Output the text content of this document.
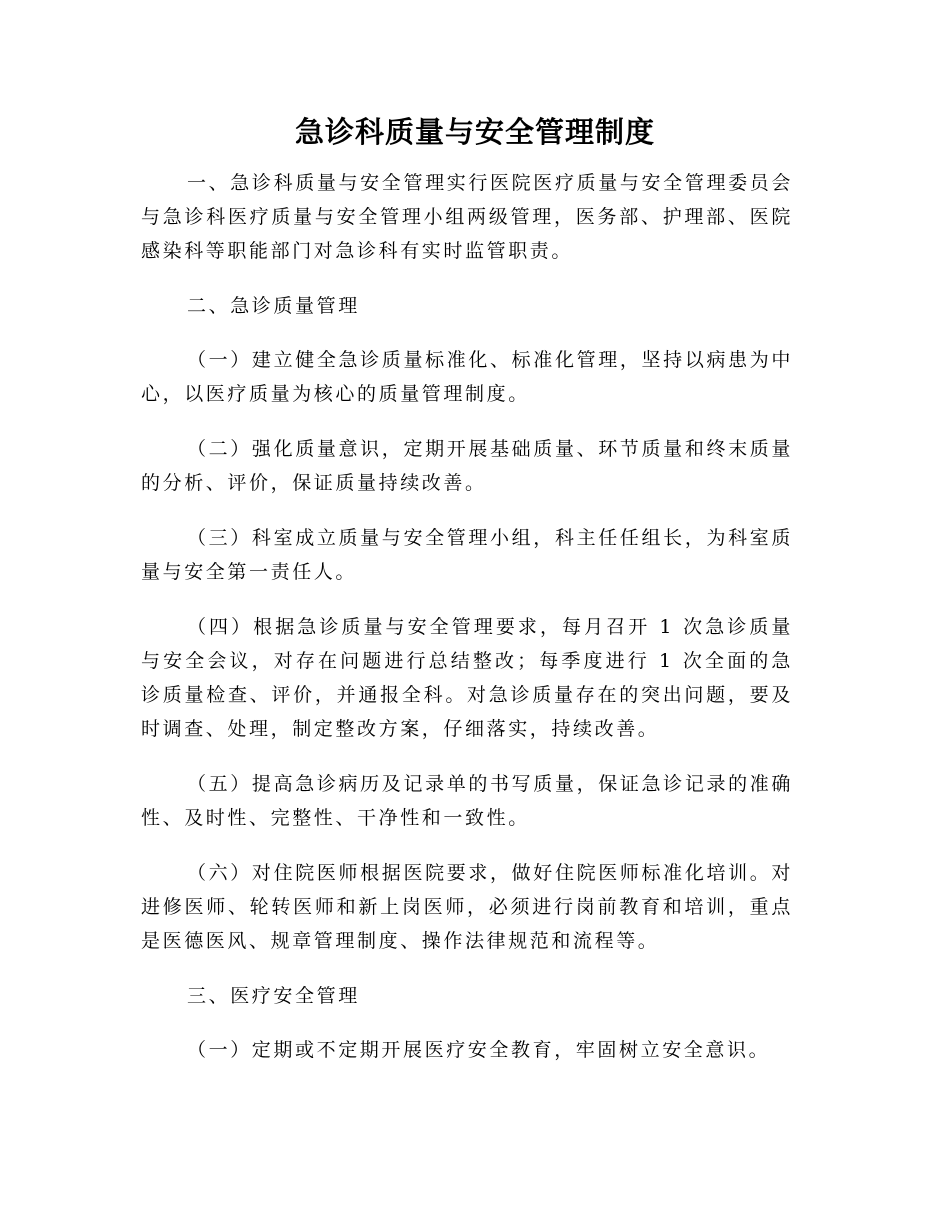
急诊科质量与安全管理制度

一、急诊科质量与安全管理实行医院医疗质量与安全管理委员会与急诊科医疗质量与安全管理小组两级管理，医务部、护理部、医院感染科等职能部门对急诊科有实时监管职责。

二、急诊质量管理

（一）建立健全急诊质量标准化、标准化管理，坚持以病患为中心，以医疗质量为核心的质量管理制度。

（二）强化质量意识，定期开展基础质量、环节质量和终末质量的分析、评价，保证质量持续改善。

（三）科室成立质量与安全管理小组，科主任任组长，为科室质量与安全第一责任人。

（四）根据急诊质量与安全管理要求，每月召开 1 次急诊质量与安全会议，对存在问题进行总结整改；每季度进行 1 次全面的急诊质量检查、评价，并通报全科。对急诊质量存在的突出问题，要及时调查、处理，制定整改方案，仔细落实，持续改善。

（五）提高急诊病历及记录单的书写质量，保证急诊记录的准确性、及时性、完整性、干净性和一致性。

（六）对住院医师根据医院要求，做好住院医师标准化培训。对进修医师、轮转医师和新上岗医师，必须进行岗前教育和培训，重点是医德医风、规章管理制度、操作法律规范和流程等。

三、医疗安全管理

（一）定期或不定期开展医疗安全教育，牢固树立安全意识。
